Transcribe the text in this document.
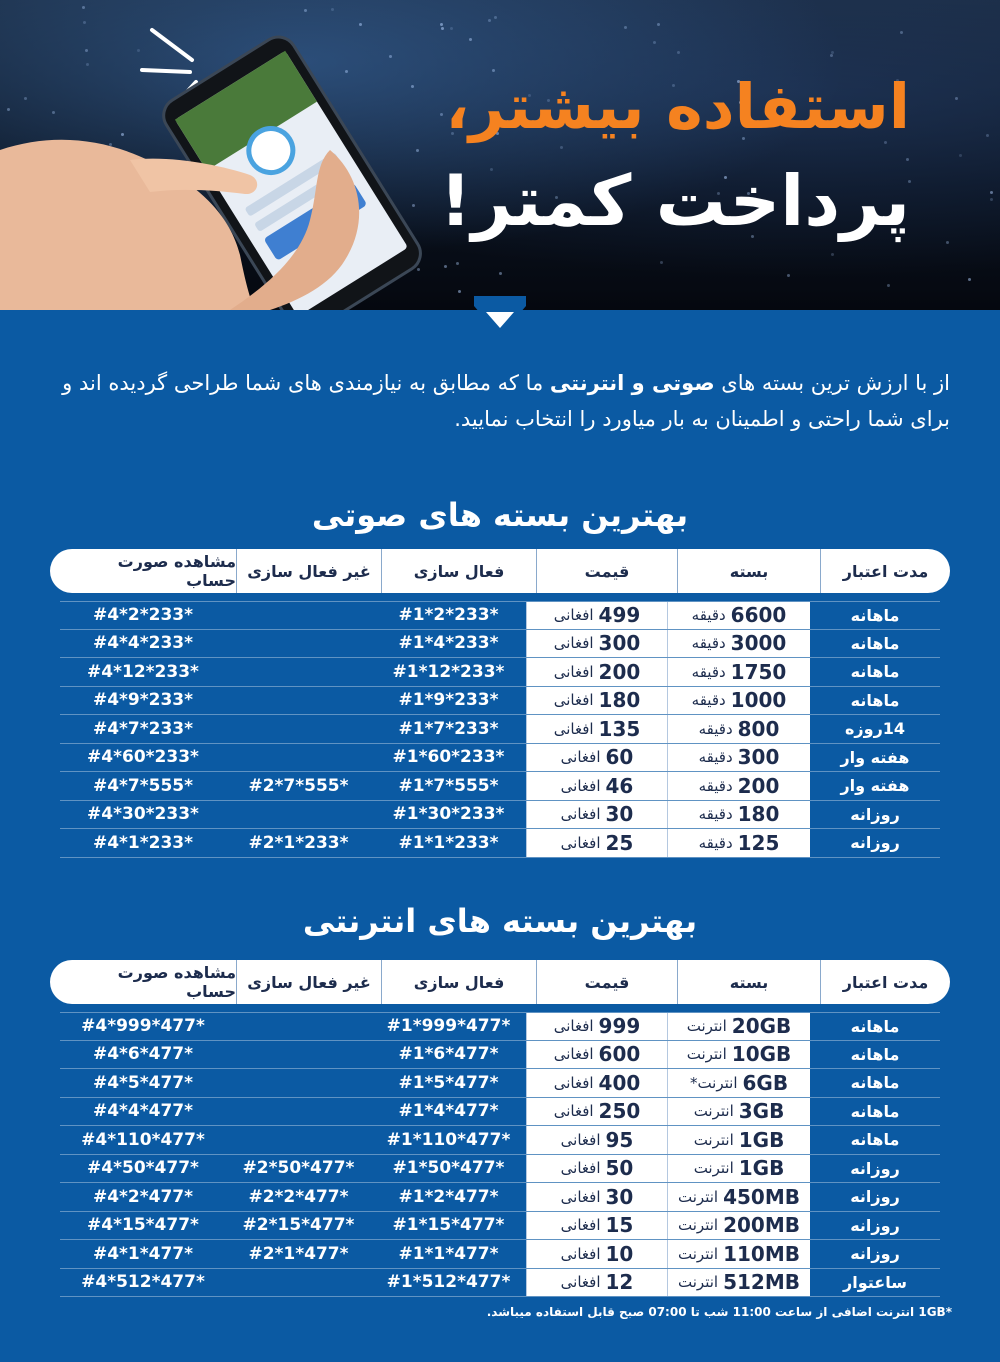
استفاده بیشتر،
پرداخت کمتر!

از با ارزش ترین بسته های صوتی و انترنتی ما که مطابق به نیازمندی های شما طراحی گردیده اند و برای شما راحتی و اطمینان به بار میاورد را انتخاب نمایید.

بهترین بسته های صوتی
مدت اعتبار
بسته
قیمت
فعال سازی
غیر فعال سازی
مشاهده صورت حساب
ماهانه
6600
دقیقه
499
افغانی
#1*2*233*
#4*2*233*
ماهانه
3000
دقیقه
300
افغانی
#1*4*233*
#4*4*233*
ماهانه
1750
دقیقه
200
افغانی
#1*12*233*
#4*12*233*
ماهانه
1000
دقیقه
180
افغانی
#1*9*233*
#4*9*233*
14روزه
800
دقیقه
135
افغانی
#1*7*233*
#4*7*233*
هفته وار
300
دقیقه
60
افغانی
#1*60*233*
#4*60*233*
هفته وار
200
دقیقه
46
افغانی
#1*7*555*
#2*7*555*
#4*7*555*
روزانه
180
دقیقه
30
افغانی
#1*30*233*
#4*30*233*
روزانه
125
دقیقه
25
افغانی
#1*1*233*
#2*1*233*
#4*1*233*
بهترین بسته های انترنتی
مدت اعتبار
بسته
قیمت
فعال سازی
غیر فعال سازی
مشاهده صورت حساب
ماهانه
20GB
انترنت
999
افغانی
#1*999*477*
#4*999*477*
ماهانه
10GB
انترنت
600
افغانی
#1*6*477*
#4*6*477*
ماهانه
6GB
انترنت*
400
افغانی
#1*5*477*
#4*5*477*
ماهانه
3GB
انترنت
250
افغانی
#1*4*477*
#4*4*477*
ماهانه
1GB
انترنت
95
افغانی
#1*110*477*
#4*110*477*
روزانه
1GB
انترنت
50
افغانی
#1*50*477*
#2*50*477*
#4*50*477*
روزانه
450MB
انترنت
30
افغانی
#1*2*477*
#2*2*477*
#4*2*477*
روزانه
200MB
انترنت
15
افغانی
#1*15*477*
#2*15*477*
#4*15*477*
روزانه
110MB
انترنت
10
افغانی
#1*1*477*
#2*1*477*
#4*1*477*
ساعتوار
512MB
انترنت
12
افغانی
#1*512*477*
#4*512*477*
*1GB انترنت اضافی از ساعت 11:00 شب تا 07:00 صبح قابل استفاده میباشد.
